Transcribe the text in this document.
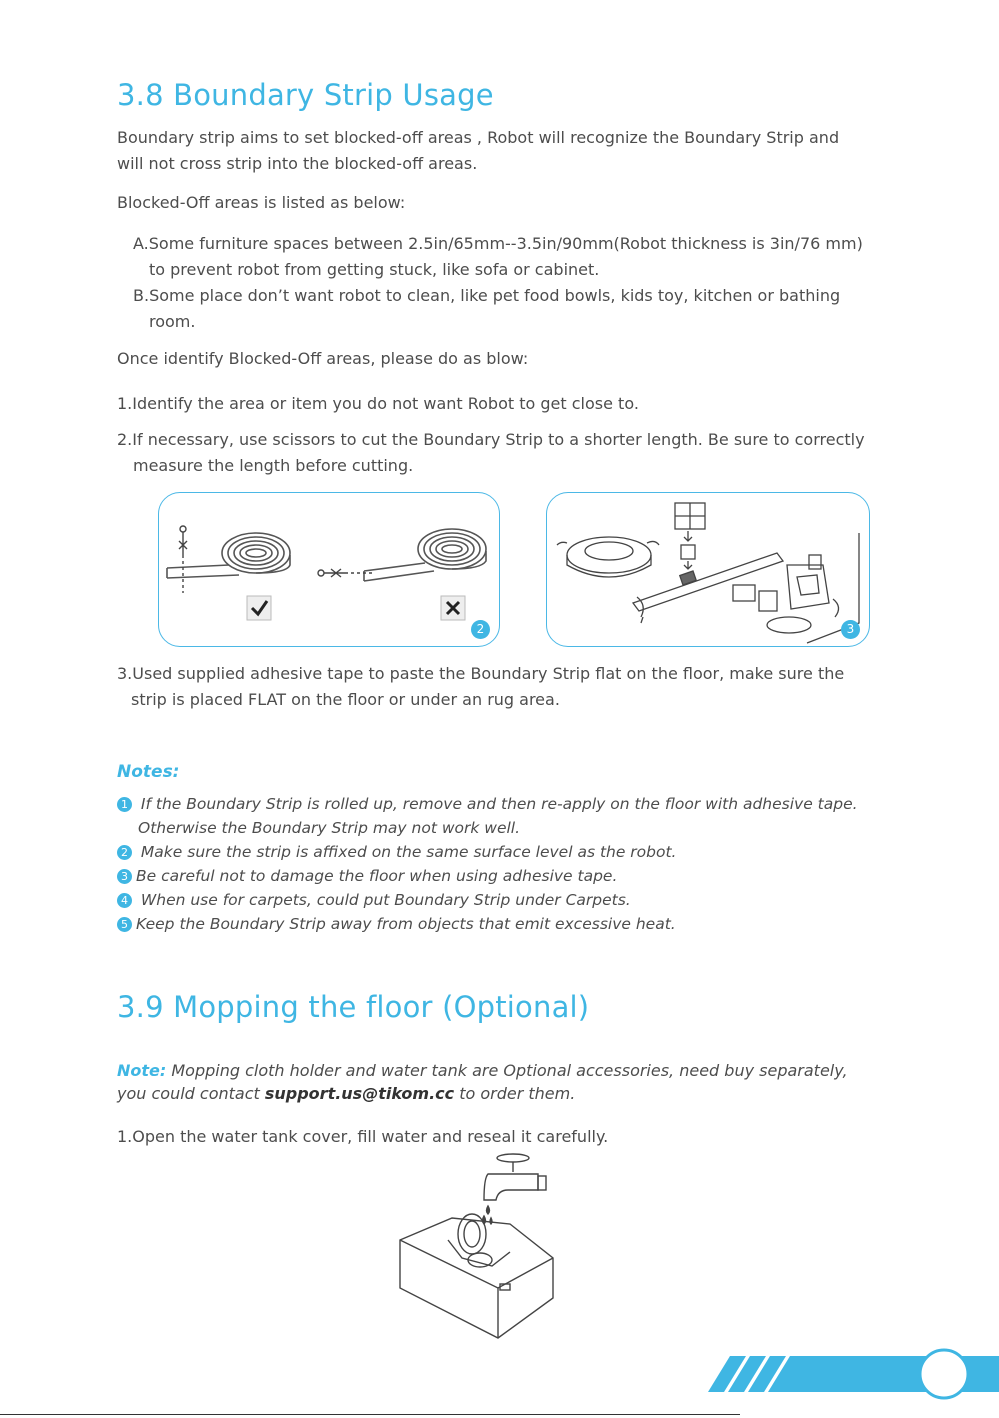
3.8 Boundary Strip Usage
Boundary strip aims to set blocked-off areas , Robot will recognize the Boundary Strip and
will not cross strip into the blocked-off areas.
Blocked-Off areas is listed as below:
A.Some furniture spaces between 2.5in/65mm--3.5in/90mm(Robot thickness is 3in/76 mm)
to prevent robot from getting stuck, like sofa or cabinet.
B.Some place don’t want robot to clean, like pet food bowls, kids toy, kitchen or bathing
room.
Once identify Blocked-Off areas, please do as blow:
1.Identify the area or item you do not want Robot to get close to.
2.If necessary, use scissors to cut the Boundary Strip to a shorter length. Be sure to correctly
measure the length before cutting.
2	3
3.Used supplied adhesive tape to paste the Boundary Strip flat on the floor, make sure the
strip is placed FLAT on the floor or under an rug area.
Notes:
1 If the Boundary Strip is rolled up, remove and then re-apply on the floor with adhesive tape.
Otherwise the Boundary Strip may not work well.
2 Make sure the strip is affixed on the same surface level as the robot.
3 Be careful not to damage the floor when using adhesive tape.
4 When use for carpets, could put Boundary Strip under Carpets.
5 Keep the Boundary Strip away from objects that emit excessive heat.
3.9 Mopping the floor (Optional)
Note: Mopping cloth holder and water tank are Optional accessories, need buy separately,
you could contact support.us@tikom.cc to order them.
1.Open the water tank cover, fill water and reseal it carefully.
